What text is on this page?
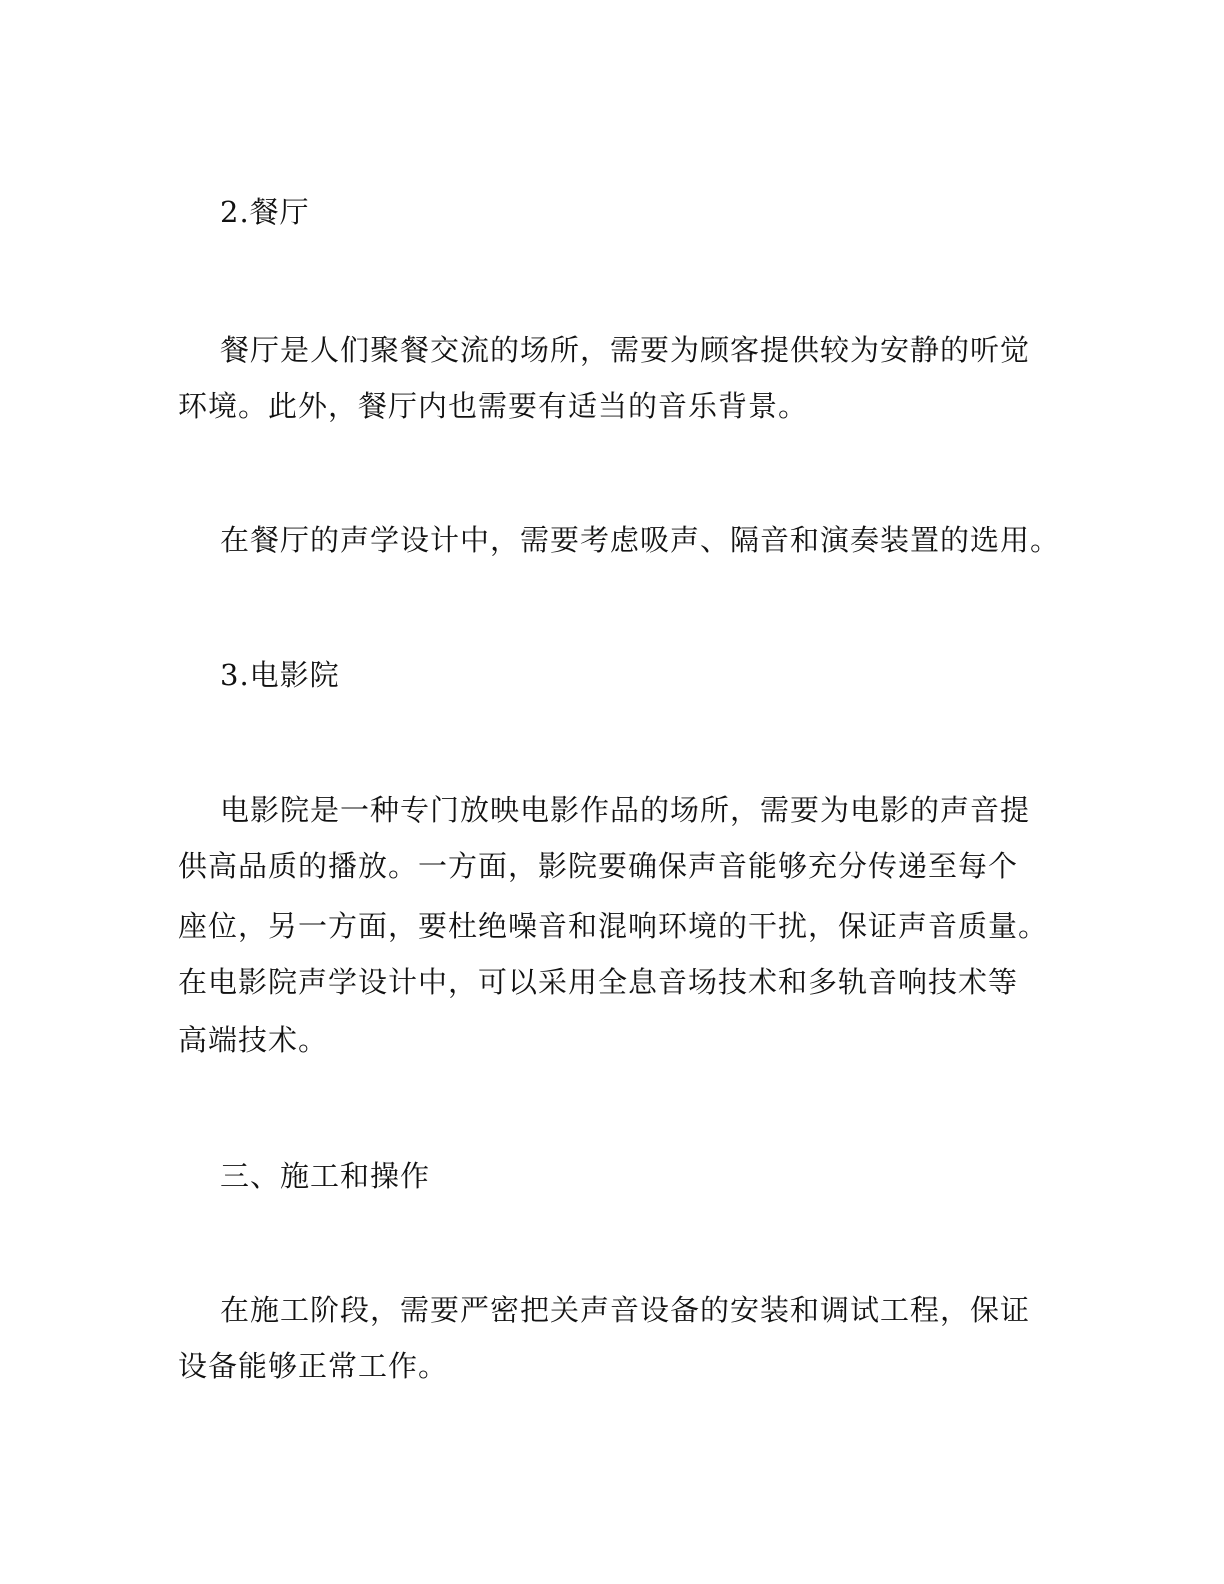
2.餐厅
餐厅是人们聚餐交流的场所，需要为顾客提供较为安静的听觉
环境。此外，餐厅内也需要有适当的音乐背景。
在餐厅的声学设计中，需要考虑吸声、隔音和演奏装置的选用。
3.电影院
电影院是一种专门放映电影作品的场所，需要为电影的声音提
供高品质的播放。一方面，影院要确保声音能够充分传递至每个
座位，另一方面，要杜绝噪音和混响环境的干扰，保证声音质量。
在电影院声学设计中，可以采用全息音场技术和多轨音响技术等
高端技术。
三、施工和操作
在施工阶段，需要严密把关声音设备的安装和调试工程，保证
设备能够正常工作。
